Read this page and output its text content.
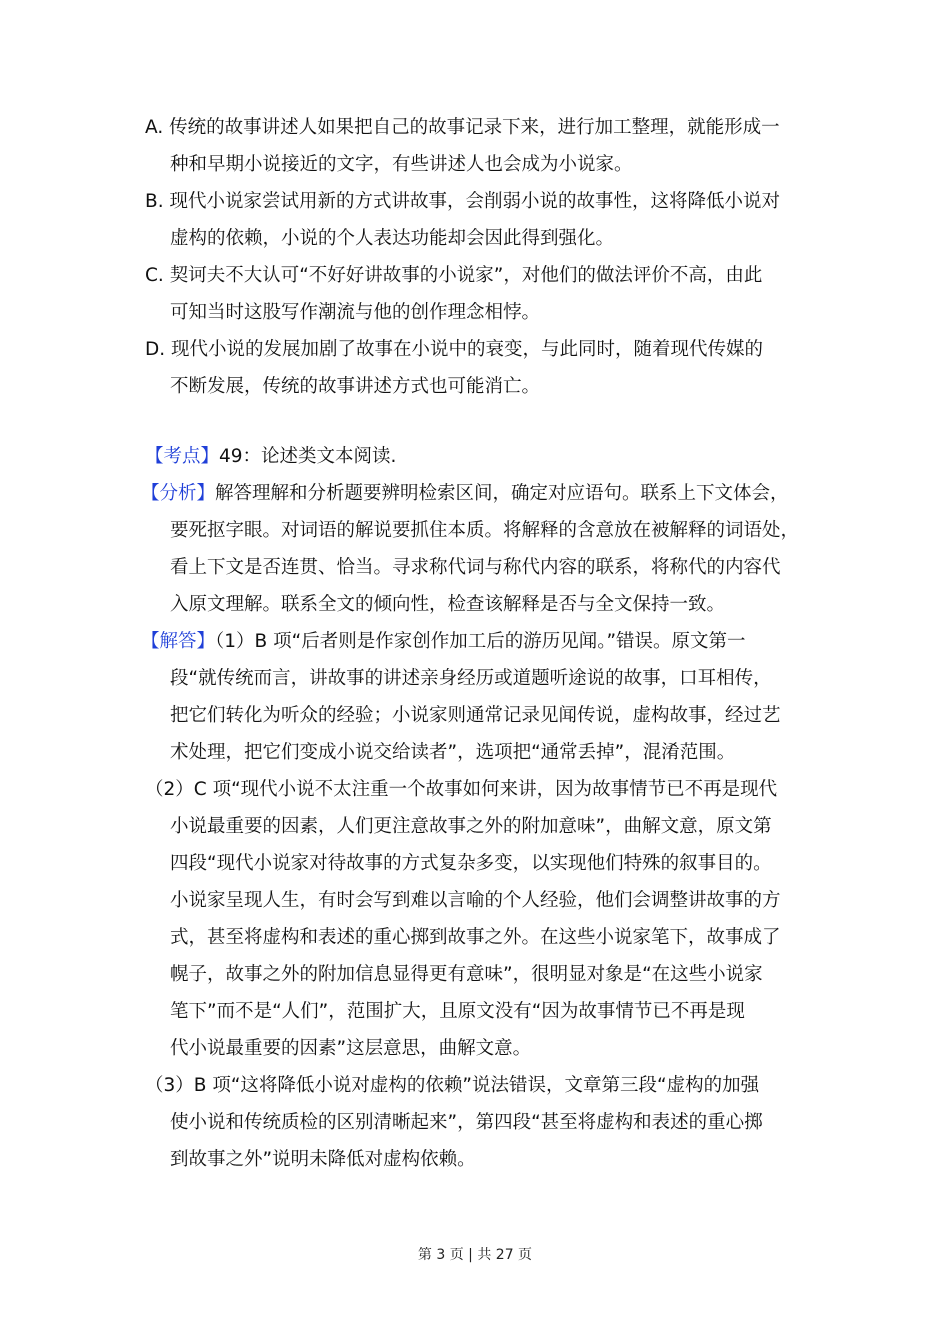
A. 传统的故事讲述人如果把自己的故事记录下来，进行加工整理，就能形成一
种和早期小说接近的文字，有些讲述人也会成为小说家。
B. 现代小说家尝试用新的方式讲故事，会削弱小说的故事性，这将降低小说对
虚构的依赖，小说的个人表达功能却会因此得到强化。
C. 契诃夫不大认可“不好好讲故事的小说家”，对他们的做法评价不高，由此
可知当时这股写作潮流与他的创作理念相悖。
D. 现代小说的发展加剧了故事在小说中的衰变，与此同时，随着现代传媒的
不断发展，传统的故事讲述方式也可能消亡。
【考点】49：论述类文本阅读.
【分析】解答理解和分析题要辨明检索区间，确定对应语句。联系上下文体会，
要死抠字眼。对词语的解说要抓住本质。将解释的含意放在被解释的词语处，
看上下文是否连贯、恰当。寻求称代词与称代内容的联系，将称代的内容代
入原文理解。联系全文的倾向性，检查该解释是否与全文保持一致。
【解答】（1）B 项“后者则是作家创作加工后的游历见闻。”错误。原文第一
段“就传统而言，讲故事的讲述亲身经历或道题听途说的故事，口耳相传，
把它们转化为听众的经验；小说家则通常记录见闻传说，虚构故事，经过艺
术处理，把它们变成小说交给读者”，选项把“通常丢掉”，混淆范围。
（2）C 项“现代小说不太注重一个故事如何来讲，因为故事情节已不再是现代
小说最重要的因素，人们更注意故事之外的附加意味”，曲解文意，原文第
四段“现代小说家对待故事的方式复杂多变，以实现他们特殊的叙事目的。
小说家呈现人生，有时会写到难以言喻的个人经验，他们会调整讲故事的方
式，甚至将虚构和表述的重心掷到故事之外。在这些小说家笔下，故事成了
幌子，故事之外的附加信息显得更有意味”，很明显对象是“在这些小说家
笔下”而不是“人们”，范围扩大，且原文没有“因为故事情节已不再是现
代小说最重要的因素”这层意思，曲解文意。
（3）B 项“这将降低小说对虚构的依赖”说法错误，文章第三段“虚构的加强
使小说和传统质检的区别清晰起来”，第四段“甚至将虚构和表述的重心掷
到故事之外”说明未降低对虚构依赖。
第 3 页 | 共 27 页
